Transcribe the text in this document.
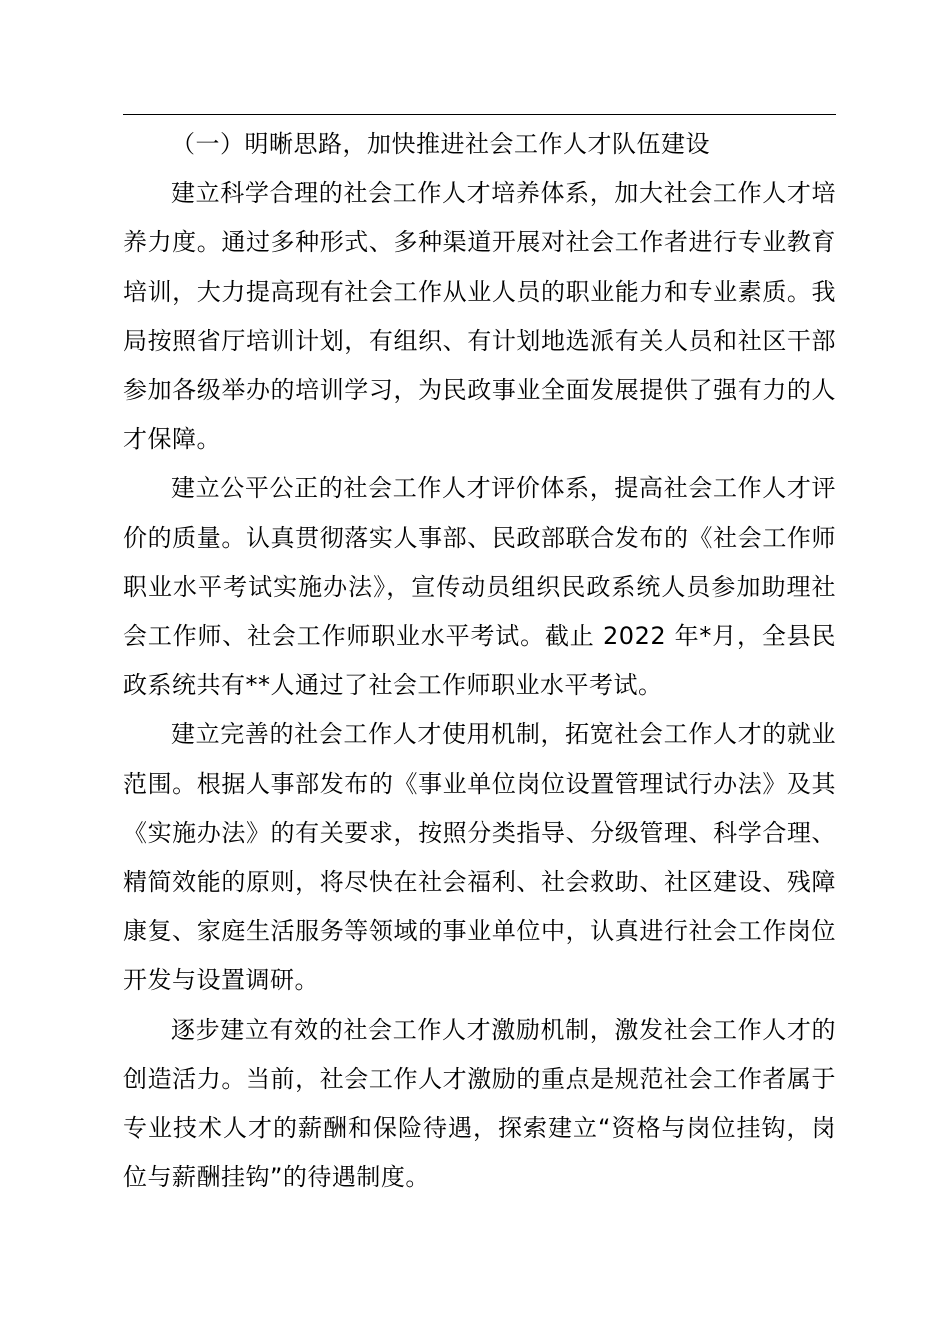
（一）明晰思路，加快推进社会工作人才队伍建设

建立科学合理的社会工作人才培养体系，加大社会工作人才培养力度。通过多种形式、多种渠道开展对社会工作者进行专业教育培训，大力提高现有社会工作从业人员的职业能力和专业素质。我局按照省厅培训计划，有组织、有计划地选派有关人员和社区干部参加各级举办的培训学习，为民政事业全面发展提供了强有力的人才保障。

建立公平公正的社会工作人才评价体系，提高社会工作人才评价的质量。认真贯彻落实人事部、民政部联合发布的《社会工作师职业水平考试实施办法》，宣传动员组织民政系统人员参加助理社会工作师、社会工作师职业水平考试。截止 2022 年*月，全县民政系统共有**人通过了社会工作师职业水平考试。

建立完善的社会工作人才使用机制，拓宽社会工作人才的就业范围。根据人事部发布的《事业单位岗位设置管理试行办法》及其《实施办法》的有关要求，按照分类指导、分级管理、科学合理、精简效能的原则，将尽快在社会福利、社会救助、社区建设、残障康复、家庭生活服务等领域的事业单位中，认真进行社会工作岗位开发与设置调研。

逐步建立有效的社会工作人才激励机制，激发社会工作人才的创造活力。当前，社会工作人才激励的重点是规范社会工作者属于专业技术人才的薪酬和保险待遇，探索建立“资格与岗位挂钩，岗位与薪酬挂钩”的待遇制度。
